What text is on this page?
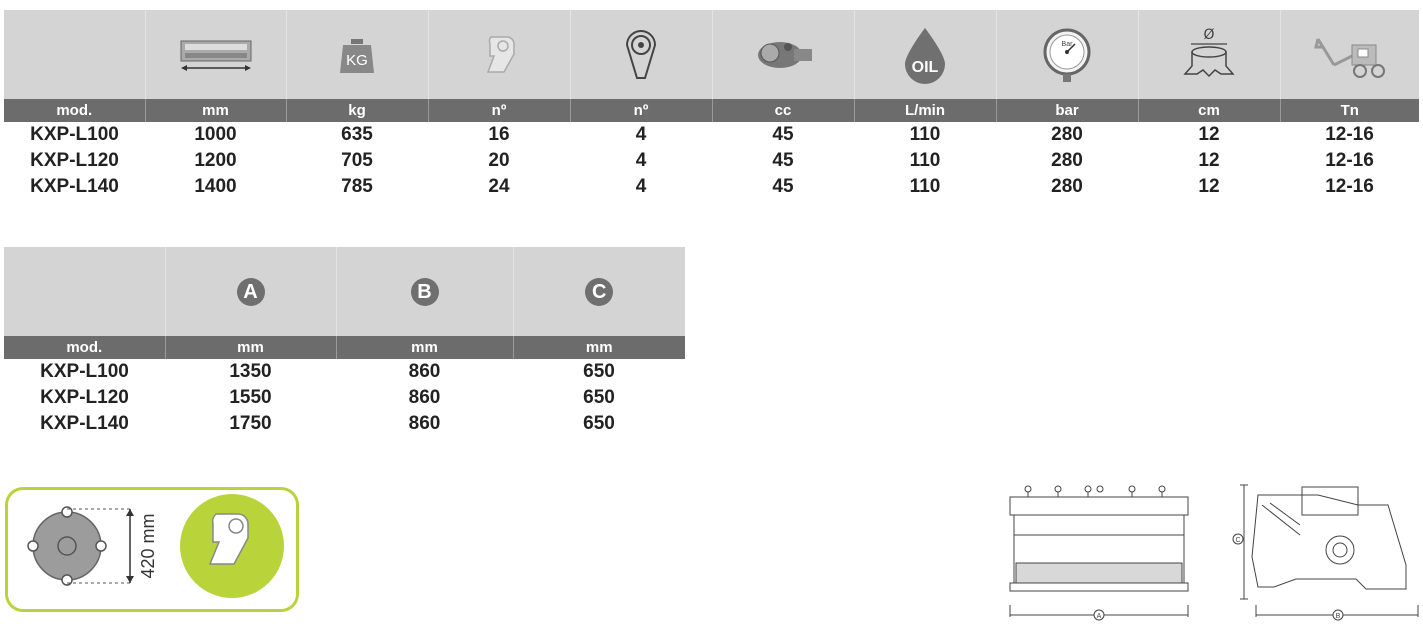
KG				OIL	Bar	Ø

mod.	mm	kg	nº	nº	cc	L/min	bar	cm	Tn
KXP-L100	1000	635	16	4	45	110	280	12	12-16
KXP-L120	1200	705	20	4	45	110	280	12	12-16
KXP-L140	1400	785	24	4	45	110	280	12	12-16
	A	B	C
mod.	mm	mm	mm
KXP-L100	1350	860	650
KXP-L120	1550	860	650
KXP-L140	1750	860	650
420 mm
A
C
B
